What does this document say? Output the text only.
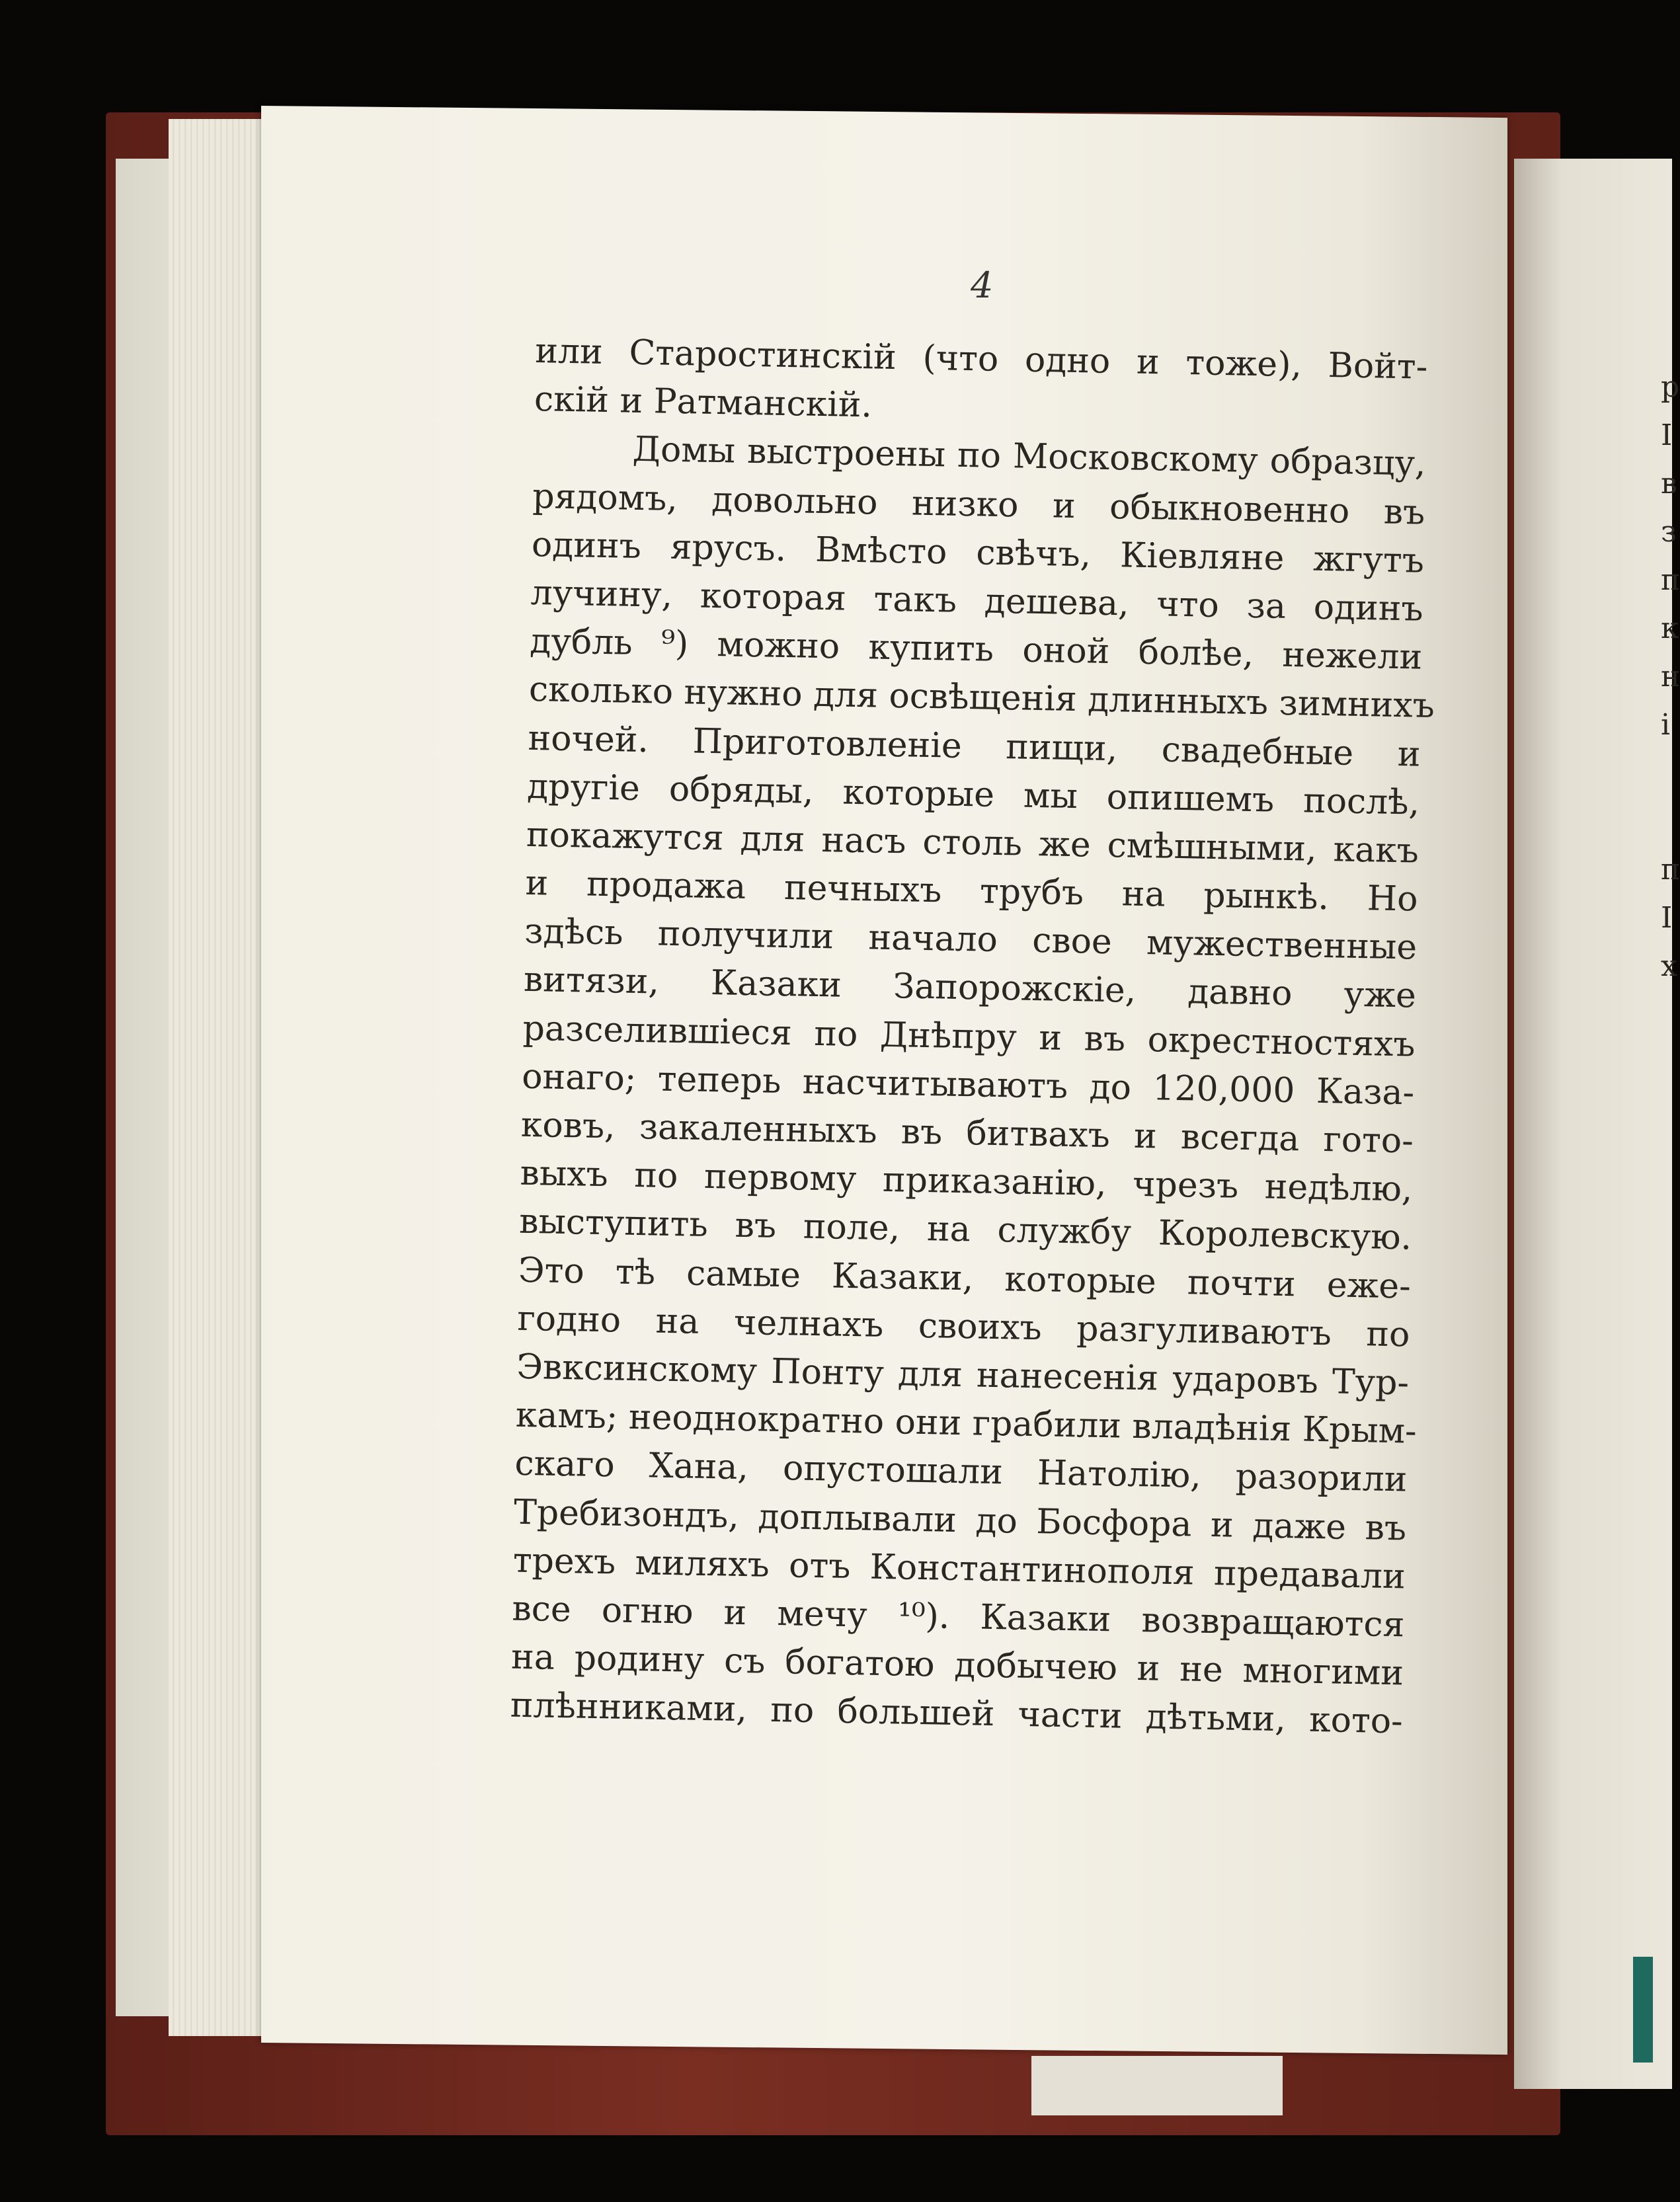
4
или Старостинскій (что одно и тоже), Войт-
скій и Ратманскій.
Домы выстроены по Московскому образцу,
рядомъ, довольно низко и обыкновенно въ
одинъ ярусъ. Вмѣсто свѣчъ, Кіевляне жгутъ
лучину, которая такъ дешева, что за одинъ
дубль ⁹) можно купить оной болѣе, нежели
сколько нужно для освѣщенія длинныхъ зимнихъ
ночей. Приготовленіе пищи, свадебные и
другіе обряды, которые мы опишемъ послѣ,
покажутся для насъ столь же смѣшными, какъ
и продажа печныхъ трубъ на рынкѣ. Но
здѣсь получили начало свое мужественные
витязи, Казаки Запорожскіе, давно уже
разселившіеся по Днѣпру и въ окрестностяхъ
онаго; теперь насчитываютъ до 120,000 Каза-
ковъ, закаленныхъ въ битвахъ и всегда гото-
выхъ по первому приказанію, чрезъ недѣлю,
выступить въ поле, на службу Королевскую.
Это тѣ самые Казаки, которые почти еже-
годно на челнахъ своихъ разгуливаютъ по
Эвксинскому Понту для нанесенія ударовъ Тур-
камъ; неоднократно они грабили владѣнія Крым-
скаго Хана, опустошали Натолію, разорили
Требизондъ, доплывали до Босфора и даже въ
трехъ миляхъ отъ Константинополя предавали
все огню и мечу ¹⁰). Казаки возвращаются
на родину съ богатою добычею и не многими
плѣнниками, по большей части дѣтьми, кото-
р
І
в
з
п
к
н
і
п
І
х
